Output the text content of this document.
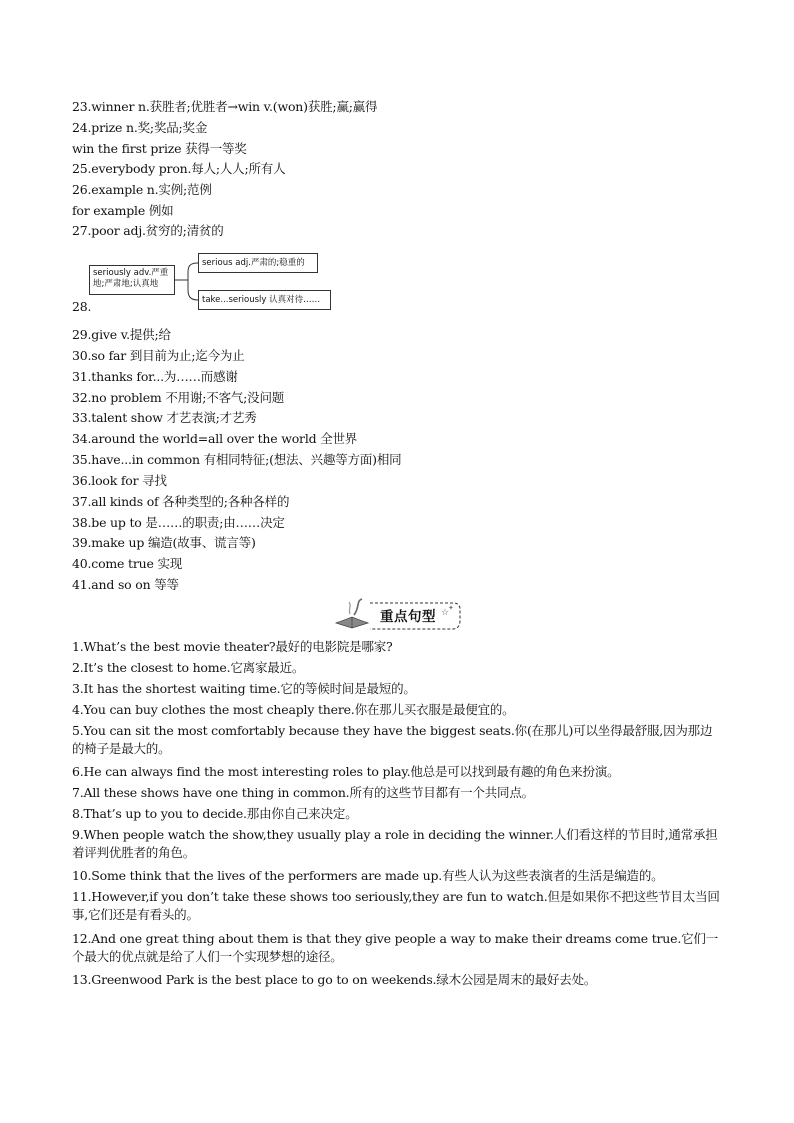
23.winner n.获胜者;优胜者→win v.(won)获胜;赢;赢得
24.prize n.奖;奖品;奖金
win the first prize 获得一等奖
25.everybody pron.每人;人人;所有人
26.example n.实例;范例
for example 例如
27.poor adj.贫穷的;清贫的
seriously adv.严重地;严肃地;认真地
serious adj.严肃的;稳重的
take...seriously 认真对待……
28.
29.give v.提供;给
30.so far 到目前为止;迄今为止
31.thanks for...为……而感谢
32.no problem 不用谢;不客气;没问题
33.talent show 才艺表演;才艺秀
34.around the world=all over the world 全世界
35.have...in common 有相同特征;(想法、兴趣等方面)相同
36.look for 寻找
37.all kinds of 各种类型的;各种各样的
38.be up to 是……的职责;由……决定
39.make up 编造(故事、谎言等)
40.come true 实现
41.and so on 等等
☆
✦
重点句型
1.What’s the best movie theater?最好的电影院是哪家?
2.It’s the closest to home.它离家最近。
3.It has the shortest waiting time.它的等候时间是最短的。
4.You can buy clothes the most cheaply there.你在那儿买衣服是最便宜的。
5.You can sit the most comfortably because they have the biggest seats.你(在那儿)可以坐得最舒服,因为那边的椅子是最大的。
6.He can always find the most interesting roles to play.他总是可以找到最有趣的角色来扮演。
7.All these shows have one thing in common.所有的这些节目都有一个共同点。
8.That’s up to you to decide.那由你自己来决定。
9.When people watch the show,they usually play a role in deciding the winner.人们看这样的节目时,通常承担着评判优胜者的角色。
10.Some think that the lives of the performers are made up.有些人认为这些表演者的生活是编造的。
11.However,if you don’t take these shows too seriously,they are fun to watch.但是如果你不把这些节目太当回事,它们还是有看头的。
12.And one great thing about them is that they give people a way to make their dreams come true.它们一个最大的优点就是给了人们一个实现梦想的途径。
13.Greenwood Park is the best place to go to on weekends.绿木公园是周末的最好去处。
